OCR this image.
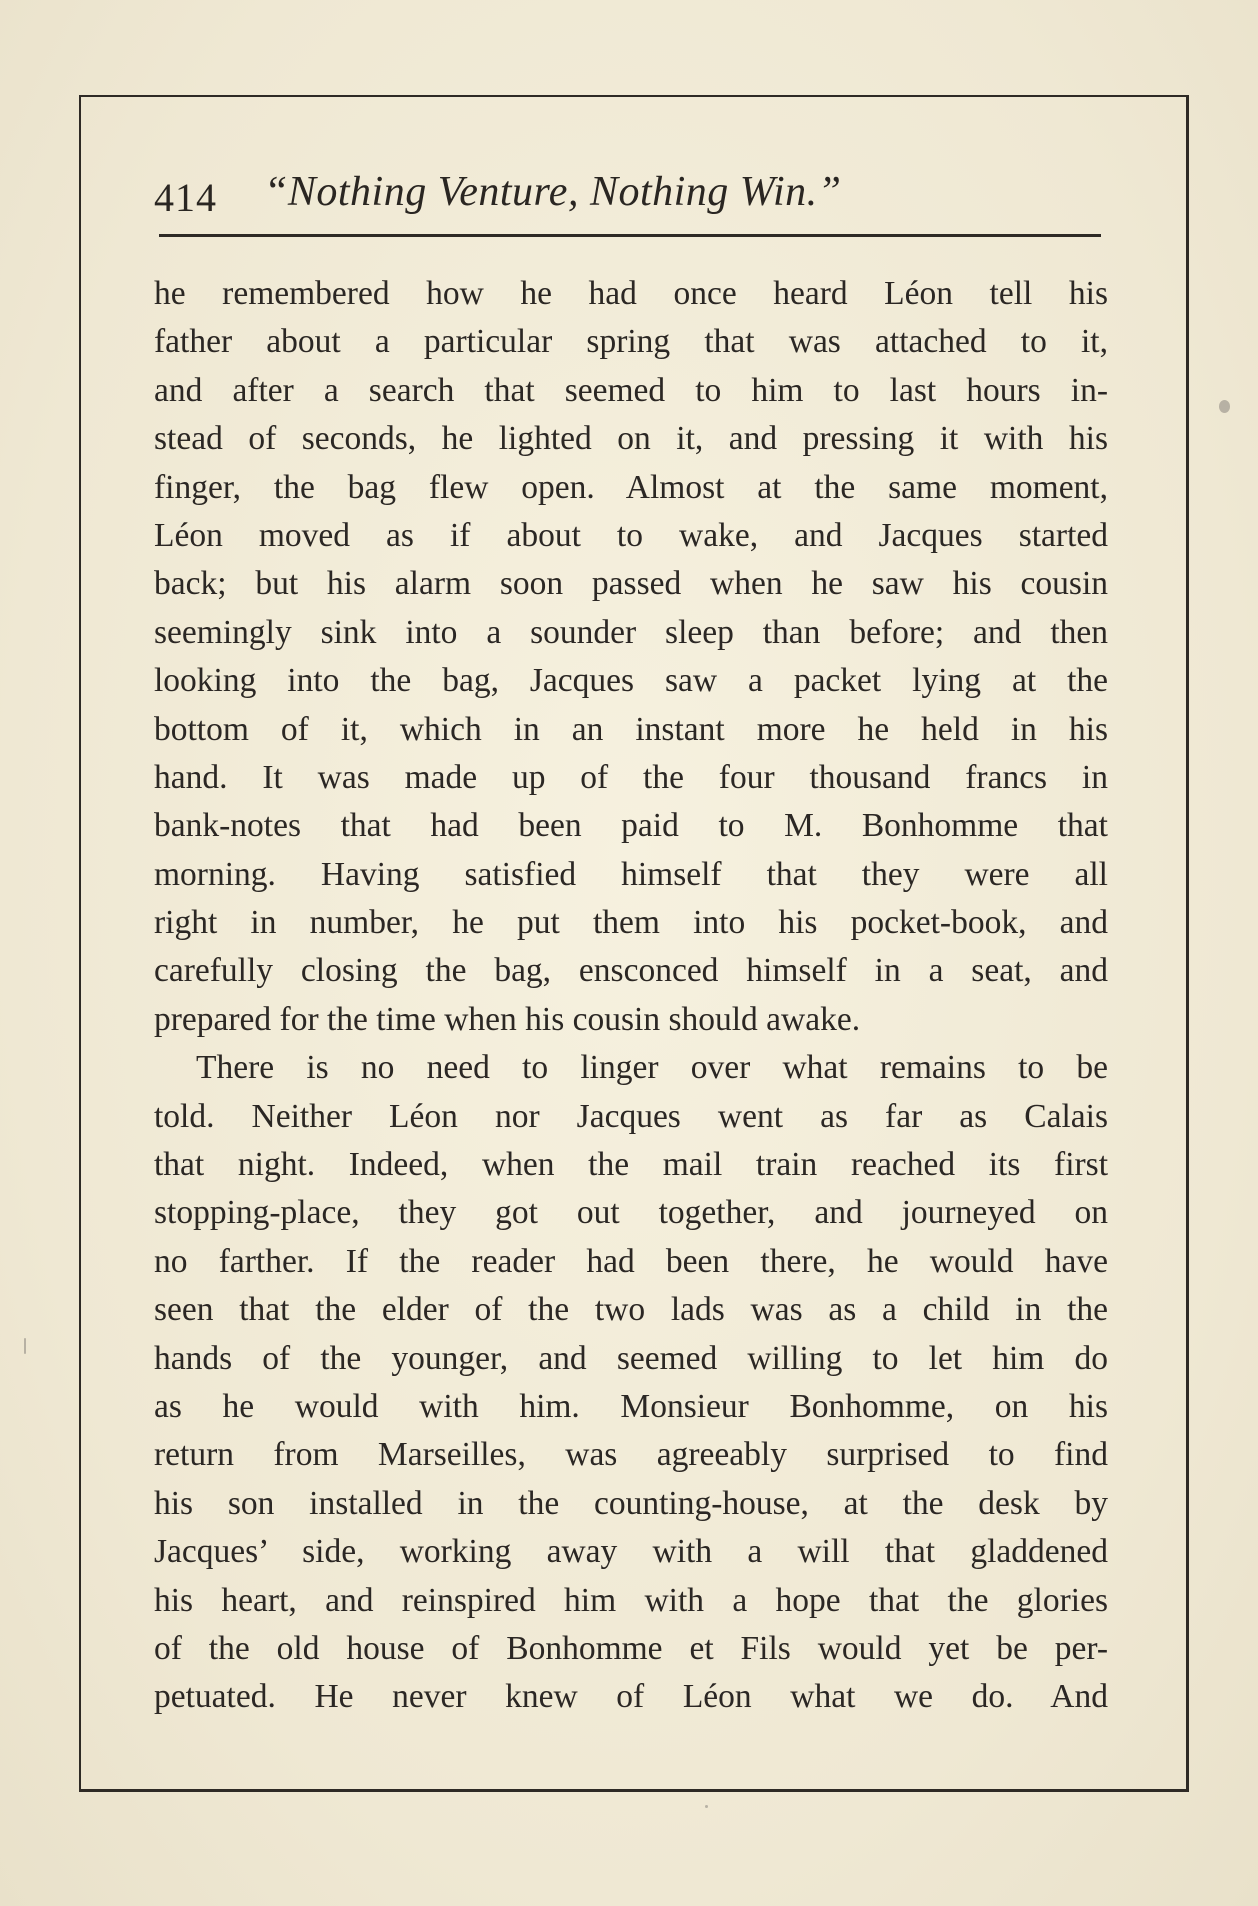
414 “Nothing Venture, Nothing Win.”
he remembered how he had once heard Léon tell his
father about a particular spring that was attached to it,
and after a search that seemed to him to last hours in-
stead of seconds, he lighted on it, and pressing it with his
finger, the bag flew open. Almost at the same moment,
Léon moved as if about to wake, and Jacques started
back; but his alarm soon passed when he saw his cousin
seemingly sink into a sounder sleep than before; and then
looking into the bag, Jacques saw a packet lying at the
bottom of it, which in an instant more he held in his
hand. It was made up of the four thousand francs in
bank-notes that had been paid to M. Bonhomme that
morning. Having satisfied himself that they were all
right in number, he put them into his pocket-book, and
carefully closing the bag, ensconced himself in a seat, and
prepared for the time when his cousin should awake.
There is no need to linger over what remains to be
told. Neither Léon nor Jacques went as far as Calais
that night. Indeed, when the mail train reached its first
stopping-place, they got out together, and journeyed on
no farther. If the reader had been there, he would have
seen that the elder of the two lads was as a child in the
hands of the younger, and seemed willing to let him do
as he would with him. Monsieur Bonhomme, on his
return from Marseilles, was agreeably surprised to find
his son installed in the counting-house, at the desk by
Jacques’ side, working away with a will that gladdened
his heart, and reinspired him with a hope that the glories
of the old house of Bonhomme et Fils would yet be per-
petuated. He never knew of Léon what we do. And
